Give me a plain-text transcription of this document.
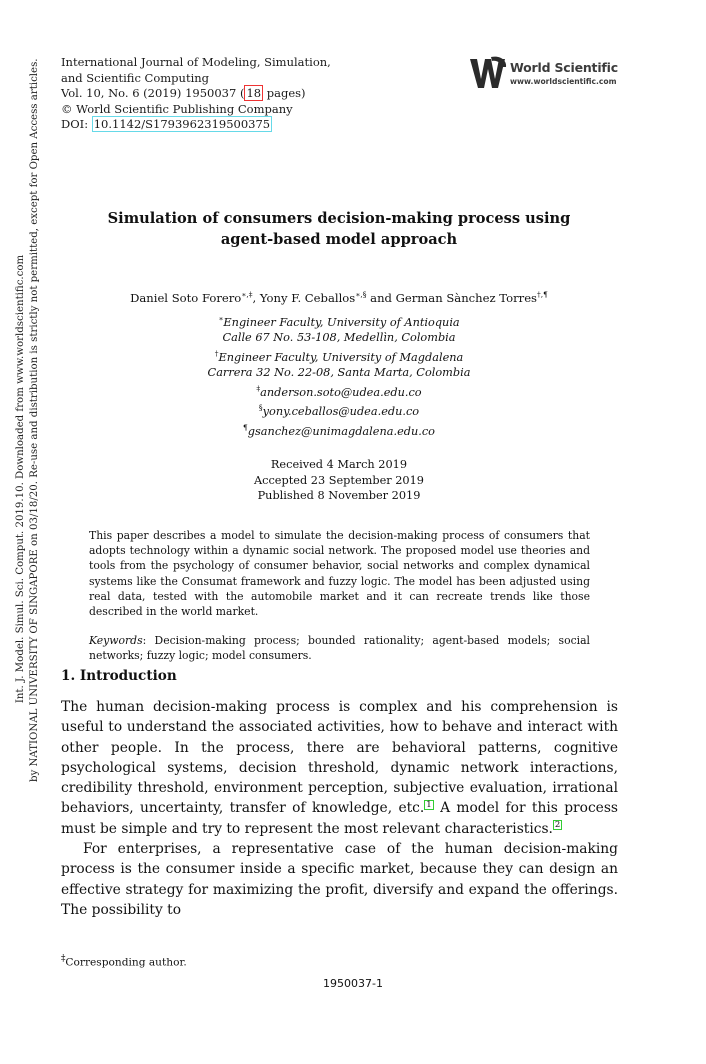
International Journal of Modeling, Simulation,
and Scientific Computing
Vol. 10, No. 6 (2019) 1950037 ( 18 pages)
© World Scientific Publishing Company
DOI: 10.1142/S1793962319500375
World Scientific
www.worldscientific.com
Int. J. Model. Simul. Sci. Comput. 2019.10. Downloaded from www.worldscientific.com by NATIONAL UNIVERSITY OF SINGAPORE on 03/18/20. Re-use and distribution is strictly not permitted, except for Open Access articles.	Simulation of consumers decision-making process using
agent-based model approach
Daniel Soto Forero∗,‡, Yony F. Ceballos∗,§ and German Sànchez Torres†,¶
∗Engineer Faculty, University of Antioquia
Calle 67 No. 53-108, Medellìn, Colombia
†Engineer Faculty, University of Magdalena
Carrera 32 No. 22-08, Santa Marta, Colombia
‡anderson.soto@udea.edu.co
§yony.ceballos@udea.edu.co
¶gsanchez@unimagdalena.edu.co
Received 4 March 2019
Accepted 23 September 2019
Published 8 November 2019
This paper describes a model to simulate the decision-making process of consumers that adopts technology within a dynamic social network. The proposed model use theories and tools from the psychology of consumer behavior, social networks and complex dynamical systems like the Consumat framework and fuzzy logic. The model has been adjusted using real data, tested with the automobile market and it can recreate trends like those described in the world market.
Keywords: Decision-making process; bounded rationality; agent-based models; social networks; fuzzy logic; model consumers.
1. Introduction

The human decision-making process is complex and his comprehension is useful to understand the associated activities, how to behave and interact with other people. In the process, there are behavioral patterns, cognitive psychological systems, decision threshold, dynamic network interactions, credibility threshold, environment perception, subjective evaluation, irrational behaviors, uncertainty, transfer of knowledge, etc. 1 A model for this process must be simple and try to represent the most relevant characteristics. 2

For enterprises, a representative case of the human decision-making process is the consumer inside a specific market, because they can design an effective strategy for maximizing the profit, diversify and expand the offerings. The possibility to

‡Corresponding author.
1950037-1
